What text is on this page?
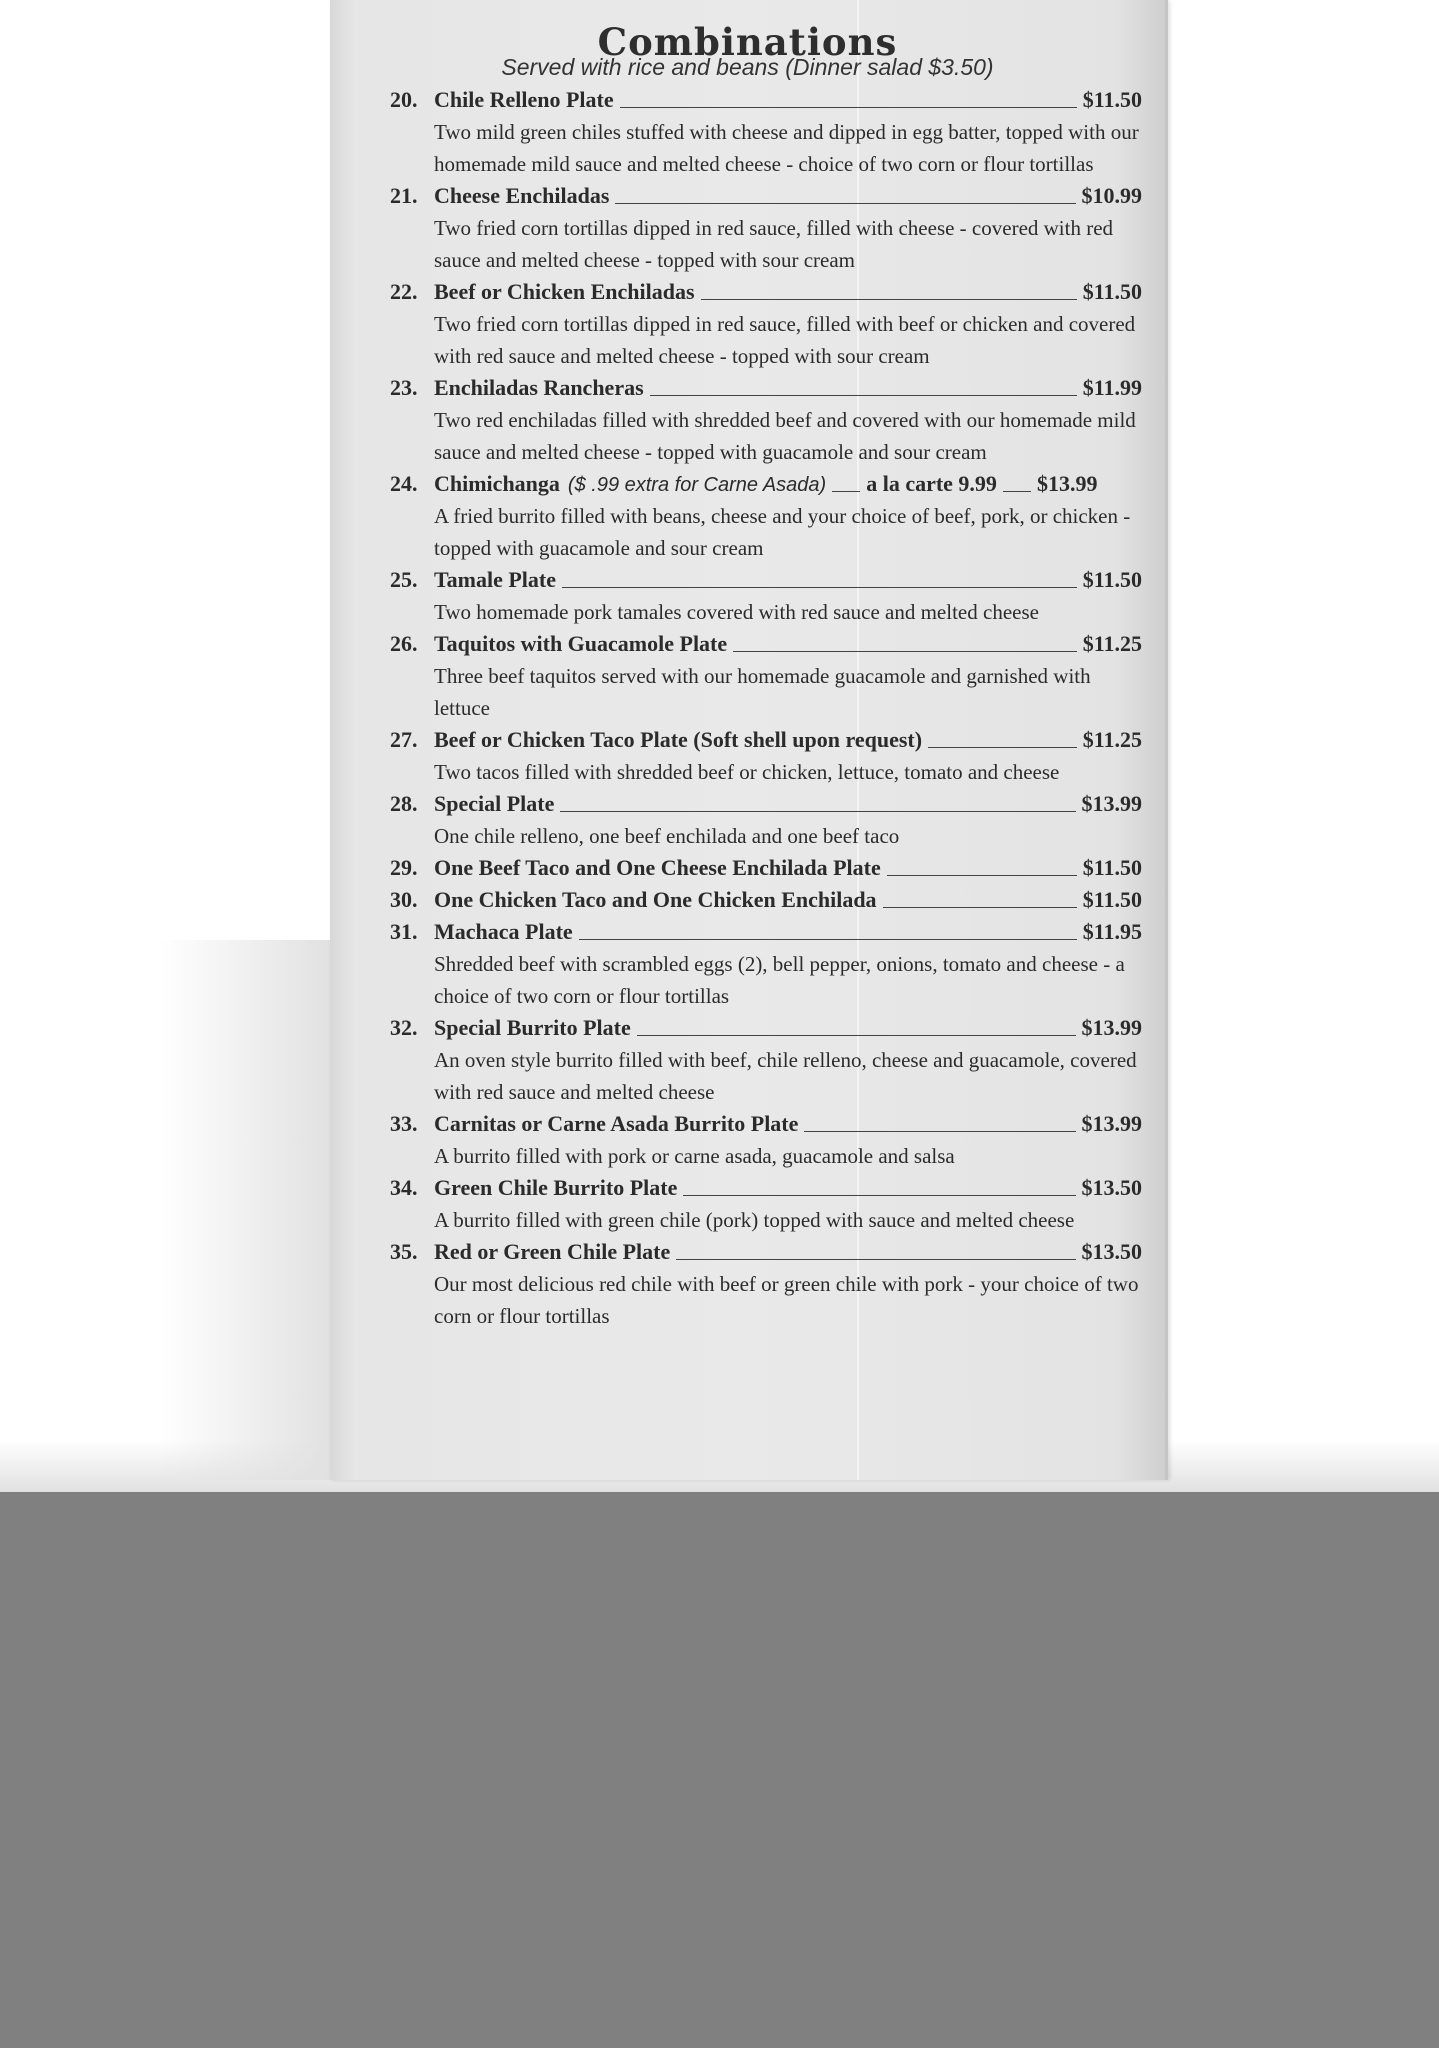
Combinations
Served with rice and beans (Dinner salad $3.50)
20. Chile Relleno Plate	$11.50
Two mild green chiles stuffed with cheese and dipped in egg batter, topped with our homemade mild sauce and melted cheese - choice of two corn or flour tortillas
21. Cheese Enchiladas	$10.99
Two fried corn tortillas dipped in red sauce, filled with cheese - covered with red sauce and melted cheese - topped with sour cream
22. Beef or Chicken Enchiladas	$11.50
Two fried corn tortillas dipped in red sauce, filled with beef or chicken and covered with red sauce and melted cheese - topped with sour cream
23. Enchiladas Rancheras	$11.99
Two red enchiladas filled with shredded beef and covered with our homemade mild sauce and melted cheese - topped with guacamole and sour cream
24. Chimichanga ($ .99 extra for Carne Asada) a la carte 9.99 $13.99
A fried burrito filled with beans, cheese and your choice of beef, pork, or chicken - topped with guacamole and sour cream
25. Tamale Plate	$11.50
Two homemade pork tamales covered with red sauce and melted cheese
26. Taquitos with Guacamole Plate	$11.25
Three beef taquitos served with our homemade guacamole and garnished with lettuce
27. Beef or Chicken Taco Plate (Soft shell upon request)	$11.25
Two tacos filled with shredded beef or chicken, lettuce, tomato and cheese
28. Special Plate	$13.99
One chile relleno, one beef enchilada and one beef taco
29. One Beef Taco and One Cheese Enchilada Plate	$11.50
30. One Chicken Taco and One Chicken Enchilada	$11.50
31. Machaca Plate	$11.95
Shredded beef with scrambled eggs (2), bell pepper, onions, tomato and cheese - a choice of two corn or flour tortillas
32. Special Burrito Plate	$13.99
An oven style burrito filled with beef, chile relleno, cheese and guacamole, covered with red sauce and melted cheese
33. Carnitas or Carne Asada Burrito Plate	$13.99
A burrito filled with pork or carne asada, guacamole and salsa
34. Green Chile Burrito Plate	$13.50
A burrito filled with green chile (pork) topped with sauce and melted cheese
35. Red or Green Chile Plate	$13.50
Our most delicious red chile with beef or green chile with pork - your choice of two corn or flour tortillas
